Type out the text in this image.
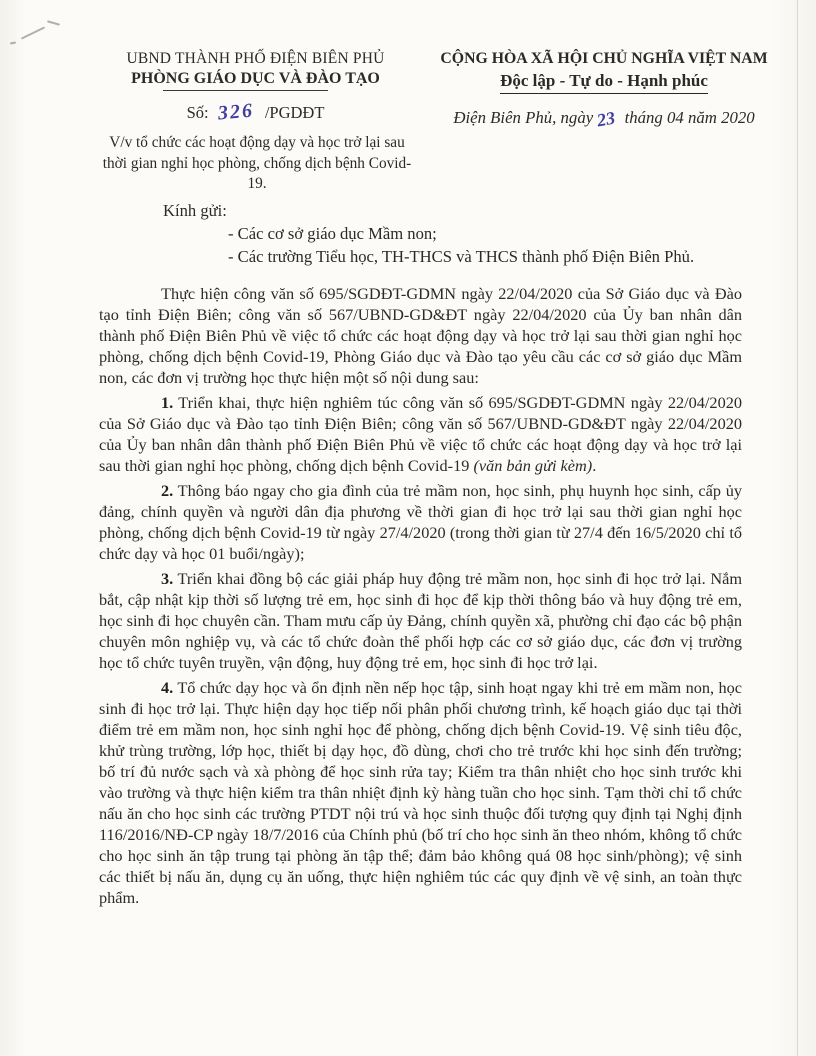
UBND THÀNH PHỐ ĐIỆN BIÊN PHỦ
PHÒNG GIÁO DỤC VÀ ĐÀO TẠO
CỘNG HÒA XÃ HỘI CHỦ NGHĨA VIỆT NAM
Độc lập - Tự do - Hạnh phúc
Số: 326 /PGDĐT	Điện Biên Phủ, ngày 23 tháng 04 năm 2020
V/v tổ chức các hoạt động dạy và học trở lại sau thời gian nghỉ học phòng, chống dịch bệnh Covid-19.
Kính gửi:
- Các cơ sở giáo dục Mầm non;
- Các trường Tiểu học, TH-THCS và THCS thành phố Điện Biên Phủ.

Thực hiện công văn số 695/SGDĐT-GDMN ngày 22/04/2020 của Sở Giáo dục và Đào tạo tỉnh Điện Biên; công văn số 567/UBND-GD&ĐT ngày 22/04/2020 của Ủy ban nhân dân thành phố Điện Biên Phủ về việc tổ chức các hoạt động dạy và học trở lại sau thời gian nghỉ học phòng, chống dịch bệnh Covid-19, Phòng Giáo dục và Đào tạo yêu cầu các cơ sở giáo dục Mầm non, các đơn vị trường học thực hiện một số nội dung sau:

1. Triển khai, thực hiện nghiêm túc công văn số 695/SGDĐT-GDMN ngày 22/04/2020 của Sở Giáo dục và Đào tạo tỉnh Điện Biên; công văn số 567/UBND-GD&ĐT ngày 22/04/2020 của Ủy ban nhân dân thành phố Điện Biên Phủ về việc tổ chức các hoạt động dạy và học trở lại sau thời gian nghỉ học phòng, chống dịch bệnh Covid-19 (văn bản gửi kèm).

2. Thông báo ngay cho gia đình của trẻ mầm non, học sinh, phụ huynh học sinh, cấp ủy đảng, chính quyền và người dân địa phương về thời gian đi học trở lại sau thời gian nghỉ học phòng, chống dịch bệnh Covid-19 từ ngày 27/4/2020 (trong thời gian từ 27/4 đến 16/5/2020 chỉ tổ chức dạy và học 01 buổi/ngày);

3. Triển khai đồng bộ các giải pháp huy động trẻ mầm non, học sinh đi học trở lại. Nắm bắt, cập nhật kịp thời số lượng trẻ em, học sinh đi học để kịp thời thông báo và huy động trẻ em, học sinh đi học chuyên cần. Tham mưu cấp ủy Đảng, chính quyền xã, phường chỉ đạo các bộ phận chuyên môn nghiệp vụ, và các tổ chức đoàn thể phối hợp các cơ sở giáo dục, các đơn vị trường học tổ chức tuyên truyền, vận động, huy động trẻ em, học sinh đi học trở lại.

4. Tổ chức dạy học và ổn định nền nếp học tập, sinh hoạt ngay khi trẻ em mầm non, học sinh đi học trở lại. Thực hiện dạy học tiếp nối phân phối chương trình, kế hoạch giáo dục tại thời điểm trẻ em mầm non, học sinh nghỉ học để phòng, chống dịch bệnh Covid-19. Vệ sinh tiêu độc, khử trùng trường, lớp học, thiết bị dạy học, đồ dùng, chơi cho trẻ trước khi học sinh đến trường; bố trí đủ nước sạch và xà phòng để học sinh rửa tay; Kiểm tra thân nhiệt cho học sinh trước khi vào trường và thực hiện kiểm tra thân nhiệt định kỳ hàng tuần cho học sinh. Tạm thời chỉ tổ chức nấu ăn cho học sinh các trường PTDT nội trú và học sinh thuộc đối tượng quy định tại Nghị định 116/2016/NĐ-CP ngày 18/7/2016 của Chính phủ (bố trí cho học sinh ăn theo nhóm, không tổ chức cho học sinh ăn tập trung tại phòng ăn tập thể; đảm bảo không quá 08 học sinh/phòng); vệ sinh các thiết bị nấu ăn, dụng cụ ăn uống, thực hiện nghiêm túc các quy định về vệ sinh, an toàn thực phẩm.
